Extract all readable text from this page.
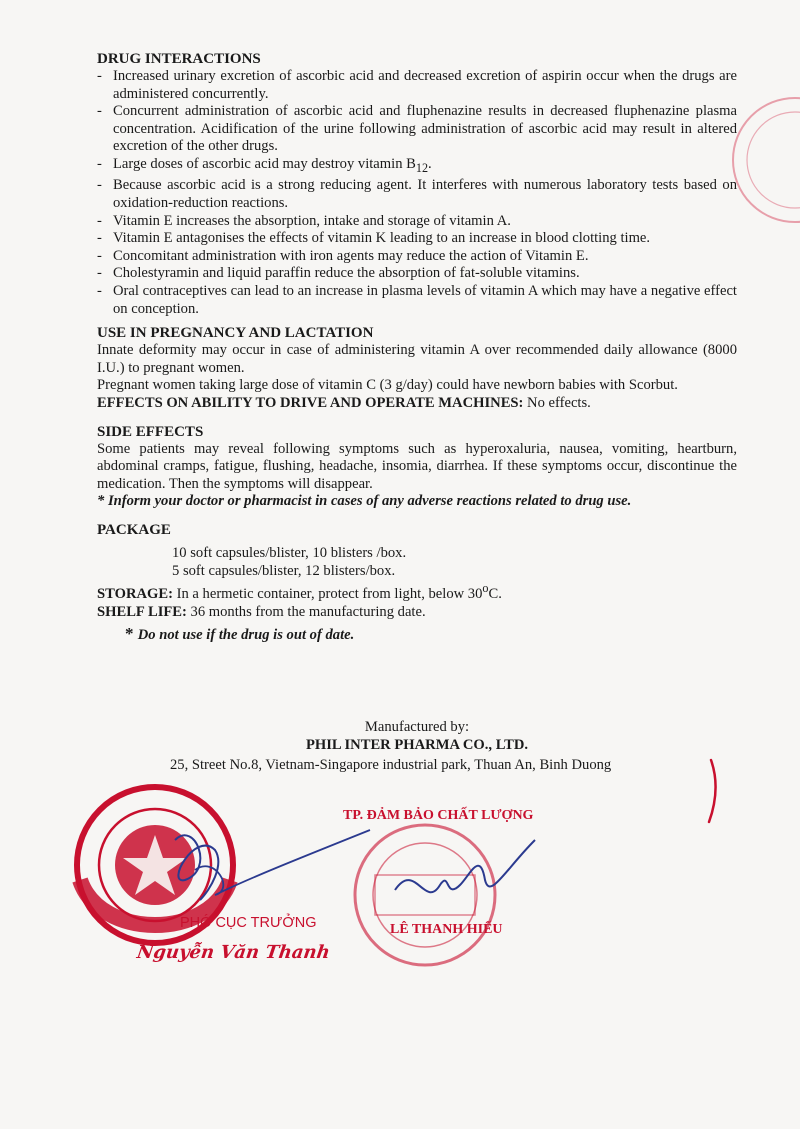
DRUG INTERACTIONS
- Increased urinary excretion of ascorbic acid and decreased excretion of aspirin occur when the drugs are administered concurrently.
- Concurrent administration of ascorbic acid and fluphenazine results in decreased fluphenazine plasma concentration. Acidification of the urine following administration of ascorbic acid may result in altered excretion of the other drugs.
- Large doses of ascorbic acid may destroy vitamin $B_{12}$.
- Because ascorbic acid is a strong reducing agent. It interferes with numerous laboratory tests based on oxidation-reduction reactions.
- Vitamin E increases the absorption, intake and storage of vitamin A.
- Vitamin E antagonises the effects of vitamin K leading to an increase in blood clotting time.
- Concomitant administration with iron agents may reduce the action of Vitamin E.
- Cholestyramin and liquid paraffin reduce the absorption of fat-soluble vitamins.
- Oral contraceptives can lead to an increase in plasma levels of vitamin A which may have a negative effect on conception.
USE IN PREGNANCY AND LACTATION

Innate deformity may occur in case of administering vitamin A over recommended daily allowance (8000 I.U.) to pregnant women.

Pregnant women taking large dose of vitamin C (3 g/day) could have newborn babies with Scorbut.

EFFECTS ON ABILITY TO DRIVE AND OPERATE MACHINES: No effects.

SIDE EFFECTS

Some patients may reveal following symptoms such as hyperoxaluria, nausea, vomiting, heartburn, abdominal cramps, fatigue, flushing, headache, insomia, diarrhea. If these symptoms occur, discontinue the medication. Then the symptoms will disappear.

* Inform your doctor or pharmacist in cases of any adverse reactions related to drug use.

PACKAGE
10 soft capsules/blister, 10 blisters /box.
5 soft capsules/blister, 12 blisters/box.

STORAGE: In a hermetic container, protect from light, below 30$^o$C.

SHELF LIFE: 36 months from the manufacturing date.

* Do not use if the drug is out of date.

Manufactured by:
PHIL INTER PHARMA CO., LTD.
25, Street No.8, Vietnam-Singapore industrial park, Thuan An, Binh Duong
TP. ĐẢM BẢO CHẤT LƯỢNG
LÊ THANH HIẾU
PHÓ CỤC TRƯỞNG
Nguyễn Văn Thanh
